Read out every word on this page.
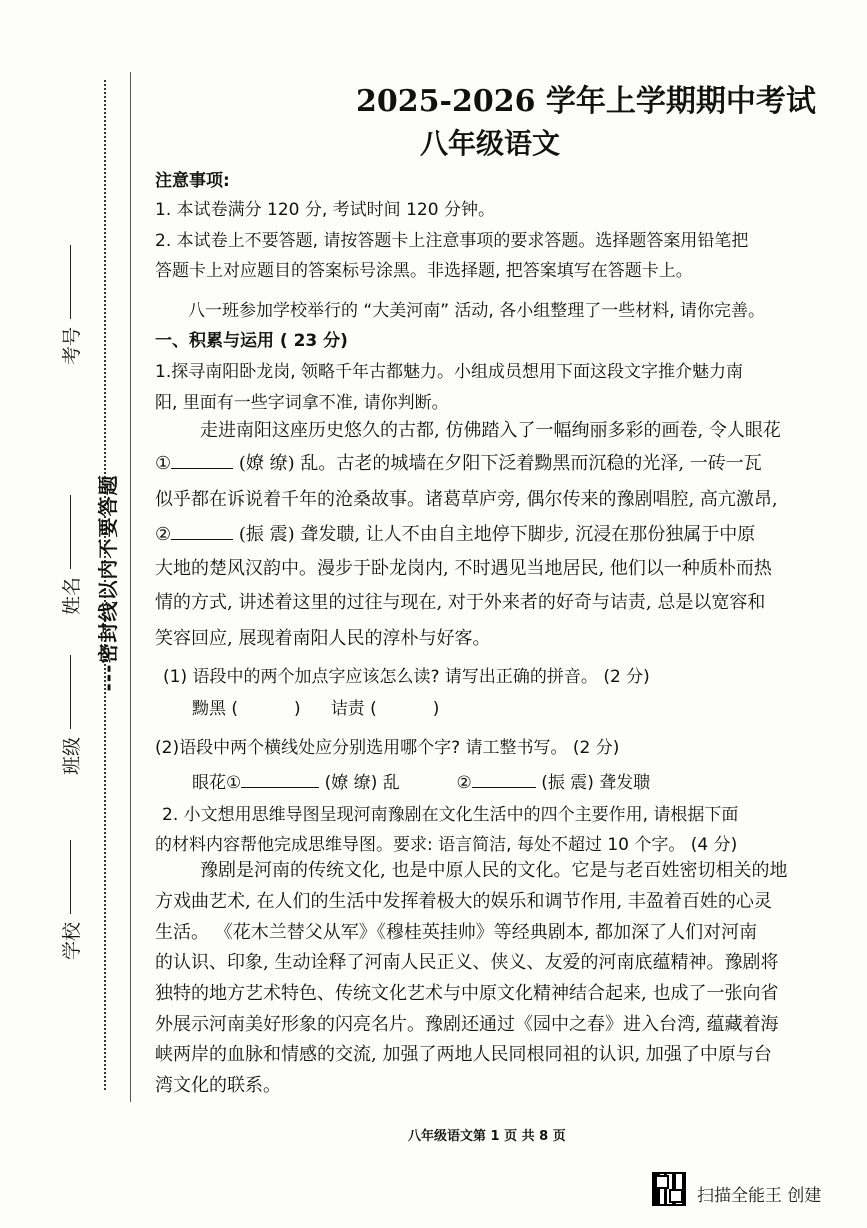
考号
姓名
班级
学校
---密封线以内不要答题
2025-2026 学年上学期期中考试
八年级语文
注意事项:
1. 本试卷满分 120 分, 考试时间 120 分钟。
2. 本试卷上不要答题, 请按答题卡上注意事项的要求答题。选择题答案用铅笔把
答题卡上对应题目的答案标号涂黑。非选择题, 把答案填写在答题卡上。
八一班参加学校举行的 “大美河南” 活动, 各小组整理了一些材料, 请你完善。
一、积累与运用 ( 23 分)
1.探寻南阳卧龙岗, 领略千年古都魅力。小组成员想用下面这段文字推介魅力南
阳, 里面有一些字词拿不准, 请你判断。
走进南阳这座历史悠久的古都, 仿佛踏入了一幅绚丽多彩的画卷, 令人眼花
①	(嫽 缭) 乱。古老的城墙在夕阳下泛着黝黑而沉稳的光泽, 一砖一瓦
似乎都在诉说着千年的沧桑故事。诸葛草庐旁, 偶尔传来的豫剧唱腔, 高亢激昂,
②	(振 震) 聋发聩, 让人不由自主地停下脚步, 沉浸在那份独属于中原
大地的楚风汉韵中。漫步于卧龙岗内, 不时遇见当地居民, 他们以一种质朴而热
情的方式, 讲述着这里的过往与现在, 对于外来者的好奇与诘责, 总是以宽容和
笑容回应, 展现着南阳人民的淳朴与好客。
(1) 语段中的两个加点字应该怎么读? 请写出正确的拼音。 (2 分)
黝黑 (	) 诘责 (	)
(2)语段中两个横线处应分别选用哪个字? 请工整书写。 (2 分)
眼花①	(嫽 缭) 乱	②	(振 震) 聋发聩
2. 小文想用思维导图呈现河南豫剧在文化生活中的四个主要作用, 请根据下面
的材料内容帮他完成思维导图。要求: 语言简洁, 每处不超过 10 个字。 (4 分)
豫剧是河南的传统文化, 也是中原人民的文化。它是与老百姓密切相关的地
方戏曲艺术, 在人们的生活中发挥着极大的娱乐和调节作用, 丰盈着百姓的心灵
生活。 《花木兰替父从军》《穆桂英挂帅》等经典剧本, 都加深了人们对河南
的认识、印象, 生动诠释了河南人民正义、侠义、友爱的河南底蕴精神。豫剧将
独特的地方艺术特色、传统文化艺术与中原文化精神结合起来, 也成了一张向省
外展示河南美好形象的闪亮名片。豫剧还通过《园中之春》进入台湾, 蕴藏着海
峡两岸的血脉和情感的交流, 加强了两地人民同根同祖的认识, 加强了中原与台
湾文化的联系。
八年级语文第 1 页 共 8 页
扫描全能王 创建
